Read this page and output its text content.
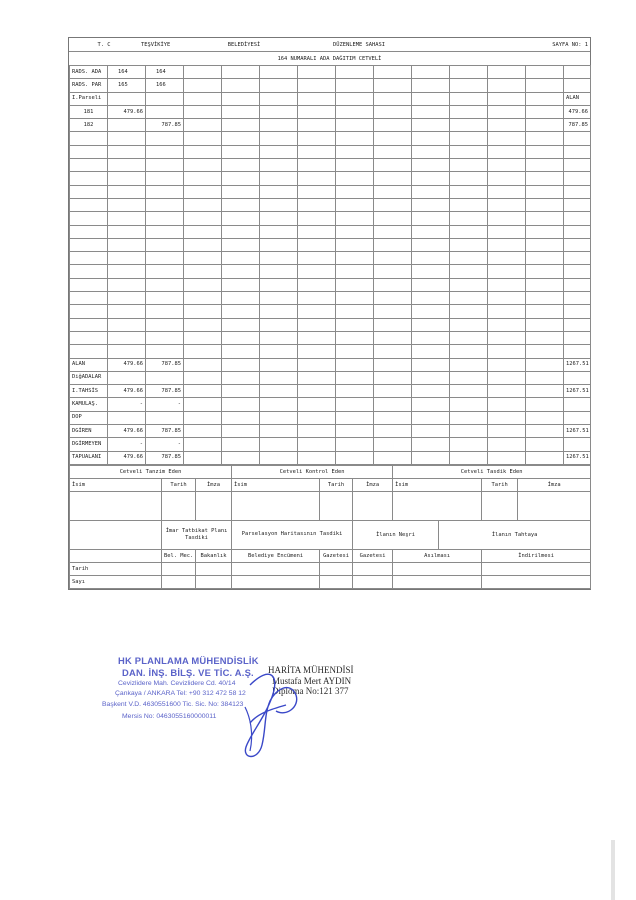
T. C	TEŞVİKİYE	BELEDİYESİ	DÜZENLEME SAHASI	SAYFA NO: 1
164 NUMARALI ADA DAĞITIM CETVELİ
RADS. ADA	164	164											
RADS. PAR	165	166											
I.Parseli													ALAN
181	479.66												479.66
182		787.85											787.85

ALAN	479.66	787.85											1267.51
DiğADALAR													
I.TAHSİS	479.66	787.85											1267.51
KAMULAŞ.	-	-											
DOP													
DGİREN	479.66	787.85											1267.51
DGİRMEYEN	-	-											
TAPUALANI	479.66	787.85											1267.51
Cetveli Tanzim Eden			Cetveli Kontrol Eden			Cetveli Tasdik Eden			
İsim	Tarih	İmza	İsim	Tarih	İmza	İsim		Tarih	İmza

	İmar Tatbikat Planı Tasdiki		Parselasyon Haritasının Tasdiki		İlanın Neşri		İlanın Tahtaya		
	Bel. Mec.	Bakanlık	Belediye Encümeni	Gazetesi	Gazetesi	Asılması		İndirilmesi	
Tarih									
Sayı									
HK PLANLAMA MÜHENDİSLİK
DAN. İNŞ. BİLŞ. VE TİC. A.Ş.
Cevizlidere Mah. Cevizlidere Cd. 40/14
Çankaya / ANKARA Tel: +90 312 472 58 12
Başkent V.D. 4630551600 Tic. Sic. No: 384123
Mersis No: 0463055160000011
HARİTA MÜHENDİSİ
Mustafa Mert AYDIN
Diploma No:121 377
